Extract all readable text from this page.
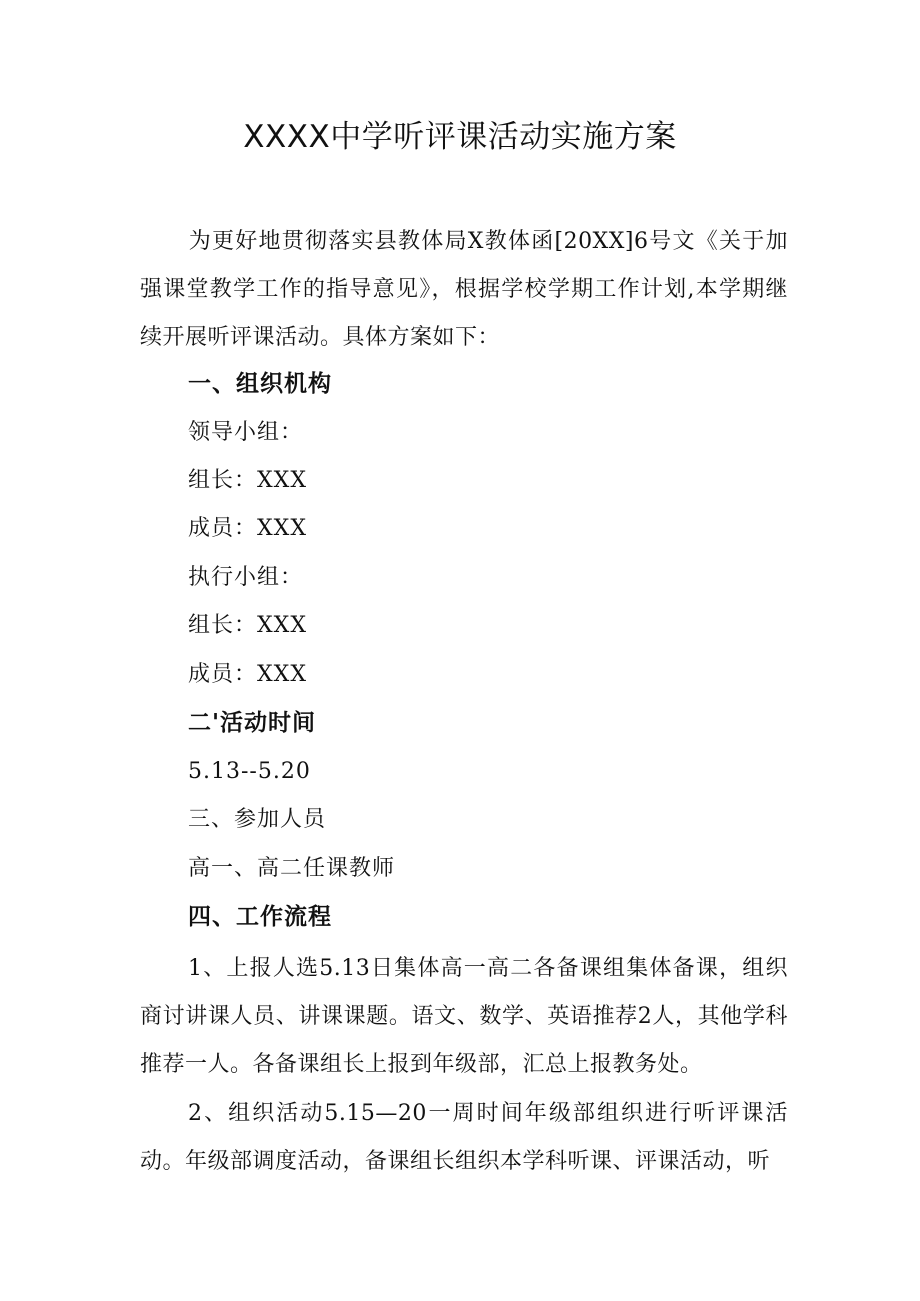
XXXX中学听评课活动实施方案
为更好地贯彻落实县教体局X教体函[20XX]6号文《关于加强课堂教学工作的指导意见》，根据学校学期工作计划,本学期继续开展听评课活动。具体方案如下：
一、组织机构
领导小组：
组长：XXX
成员：XXX
执行小组：
组长：XXX
成员：XXX
二'活动时间
5.13--5.20
三、参加人员
高一、高二任课教师
四、工作流程
1、上报人选5.13日集体高一高二各备课组集体备课，组织商讨讲课人员、讲课课题。语文、数学、英语推荐2人，其他学科推荐一人。各备课组长上报到年级部，汇总上报教务处。
2、组织活动5.15—20一周时间年级部组织进行听评课活动。年级部调度活动，备课组长组织本学科听课、评课活动，听
